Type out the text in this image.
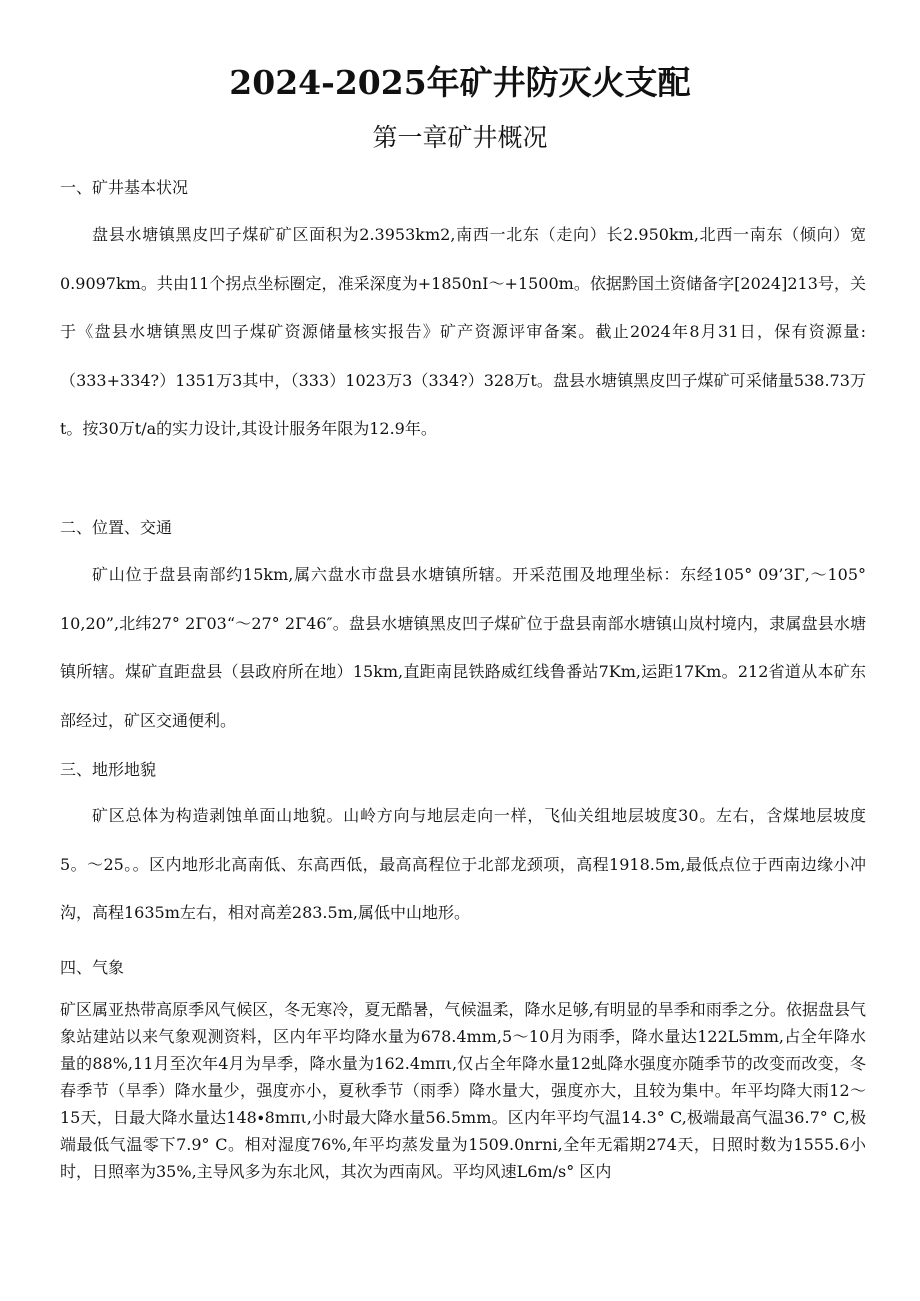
2024-2025年矿井防灭火支配
第一章矿井概况
一、矿井基本状况

盘县水塘镇黑皮凹子煤矿矿区面积为2.3953km2,南西一北东（走向）长2.950km,北西一南东（倾向）宽0.9097km。共由11个拐点坐标圈定，准采深度为+1850nI〜+1500m。依据黔国土资储备字[2024]213号，关于《盘县水塘镇黑皮凹子煤矿资源储量核实报告》矿产资源评审备案。截止2024年8月31日，保有资源量:（333+334?）1351万3其中，（333）1023万3（334?）328万t。盘县水塘镇黑皮凹子煤矿可采储量538.73万t。按30万t/a的实力设计,其设计服务年限为12.9年。

二、位置、交通

矿山位于盘县南部约15km,属六盘水市盘县水塘镇所辖。开采范围及地理坐标：东经105° 09’3Γ,〜105° 10,20”,北纬27° 2Γ03“〜27° 2Γ46″。盘县水塘镇黑皮凹子煤矿位于盘县南部水塘镇山岚村境内，隶属盘县水塘镇所辖。煤矿直距盘县（县政府所在地）15km,直距南昆铁路威红线鲁番站7Km,运距17Km。212省道从本矿东部经过，矿区交通便利。

三、地形地貌

矿区总体为构造剥蚀单面山地貌。山岭方向与地层走向一样，飞仙关组地层坡度30。左右，含煤地层坡度5。〜25。。区内地形北高南低、东高西低，最高高程位于北部龙颈项，高程1918.5m,最低点位于西南边缘小冲沟，高程1635m左右，相对高差283.5m,属低中山地形。

四、气象

矿区属亚热带高原季风气候区，冬无寒冷，夏无酷暑，气候温柔，降水足够,有明显的旱季和雨季之分。依据盘县气象站建站以来气象观测资料，区内年平均降水量为678.4mm,5〜10月为雨季，降水量达122L5mm,占全年降水量的88%,11月至次年4月为旱季，降水量为162.4mπι,仅占全年降水量12虬降水强度亦随季节的改变而改变，冬春季节（旱季）降水量少，强度亦小，夏秋季节（雨季）降水量大，强度亦大，且较为集中。年平均降大雨12〜15天，日最大降水量达148∙8mπι,小时最大降水量56.5mm。区内年平均气温14.3° C,极端最高气温36.7° C,极端最低气温零下7.9° C。相对湿度76%,年平均蒸发量为1509.0nrni,全年无霜期274天，日照时数为1555.6小时，日照率为35%,主导风多为东北风，其次为西南风。平均风速L6m/s° 区内
